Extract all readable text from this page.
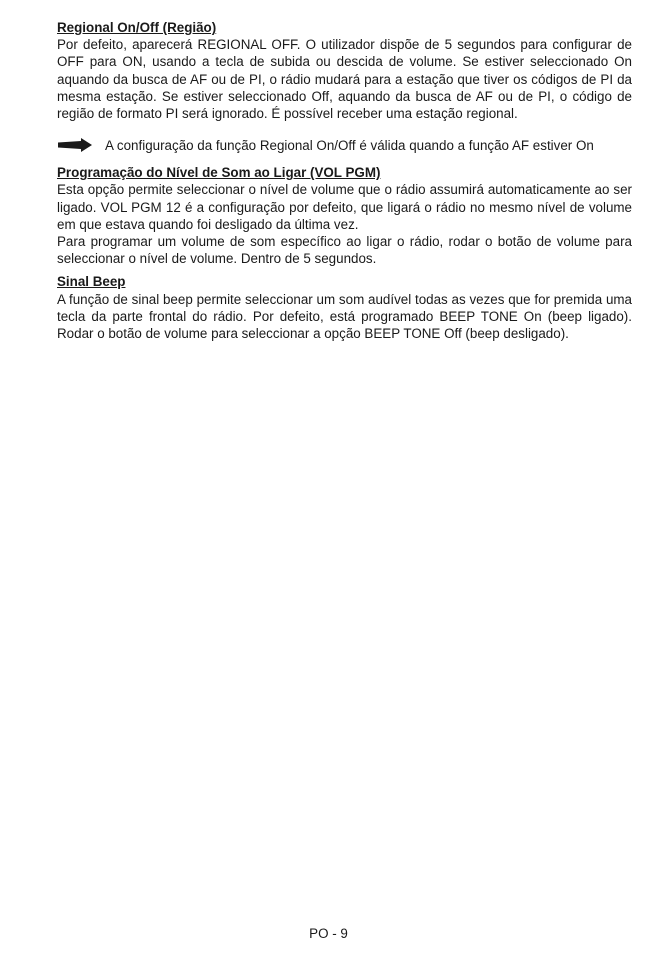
Regional On/Off (Região)

Por defeito, aparecerá REGIONAL OFF. O utilizador dispõe de 5 segundos para configurar de OFF para ON, usando a tecla de subida ou descida de volume. Se estiver seleccionado On aquando da busca de AF ou de PI, o rádio mudará para a estação que tiver os códigos de PI da mesma estação. Se estiver seleccionado Off, aquando da busca de AF ou de PI, o código de região de formato PI será ignorado. É possível receber uma estação regional.

A configuração da função Regional On/Off é válida quando a função AF estiver On
Programação do Nível de Som ao Ligar (VOL PGM)

Esta opção permite seleccionar o nível de volume que o rádio assumirá automaticamente ao ser ligado. VOL PGM 12 é a configuração por defeito, que ligará o rádio no mesmo nível de volume em que estava quando foi desligado da última vez.

Para programar um volume de som específico ao ligar o rádio, rodar o botão de volume para seleccionar o nível de volume. Dentro de 5 segundos.

Sinal Beep

A função de sinal beep permite seleccionar um som audível todas as vezes que for premida uma tecla da parte frontal do rádio. Por defeito, está programado BEEP TONE On (beep ligado). Rodar o botão de volume para seleccionar a opção BEEP TONE Off (beep desligado).

PO - 9
